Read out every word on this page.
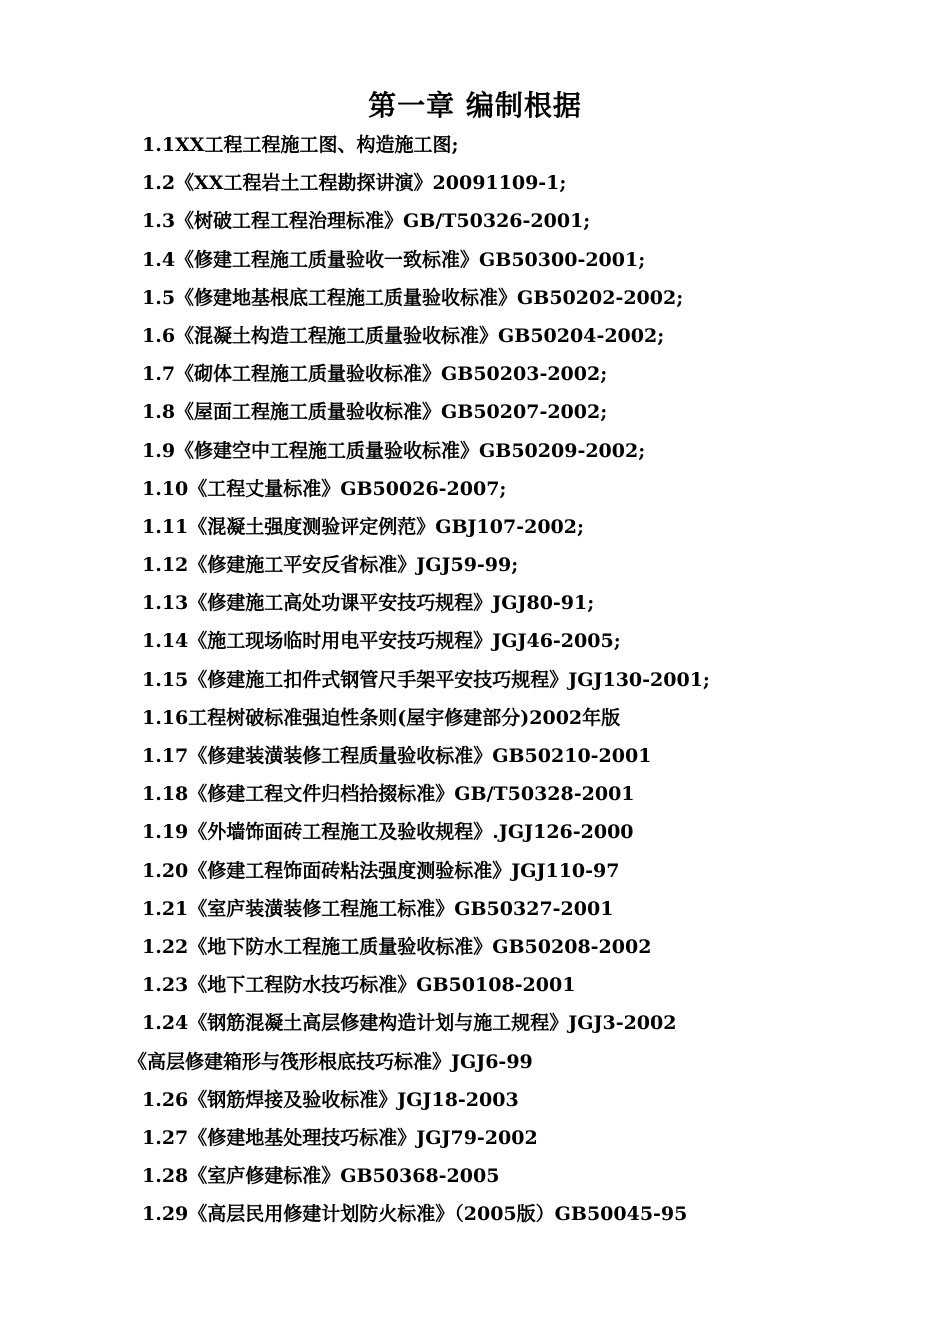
第一章 编制根据
1.1XX工程工程施工图、构造施工图;
1.2《XX工程岩土工程勘探讲演》20091109-1;
1.3《树破工程工程治理标准》GB/T50326-2001;
1.4《修建工程施工质量验收一致标准》GB50300-2001;
1.5《修建地基根底工程施工质量验收标准》GB50202-2002;
1.6《混凝土构造工程施工质量验收标准》GB50204-2002;
1.7《砌体工程施工质量验收标准》GB50203-2002;
1.8《屋面工程施工质量验收标准》GB50207-2002;
1.9《修建空中工程施工质量验收标准》GB50209-2002;
1.10《工程丈量标准》GB50026-2007;
1.11《混凝土强度测验评定例范》GBJ107-2002;
1.12《修建施工平安反省标准》JGJ59-99;
1.13《修建施工高处功课平安技巧规程》JGJ80-91;
1.14《施工现场临时用电平安技巧规程》JGJ46-2005;
1.15《修建施工扣件式钢管尺手架平安技巧规程》JGJ130-2001;
1.16工程树破标准强迫性条则(屋宇修建部分)2002年版
1.17《修建装潢装修工程质量验收标准》GB50210-2001
1.18《修建工程文件归档拾掇标准》GB/T50328-2001
1.19《外墙饰面砖工程施工及验收规程》.JGJ126-2000
1.20《修建工程饰面砖粘法强度测验标准》JGJ110-97
1.21《室庐装潢装修工程施工标准》GB50327-2001
1.22《地下防水工程施工质量验收标准》GB50208-2002
1.23《地下工程防水技巧标准》GB50108-2001
1.24《钢筋混凝土高层修建构造计划与施工规程》JGJ3-2002
《高层修建箱形与筏形根底技巧标准》JGJ6-99
1.26《钢筋焊接及验收标准》JGJ18-2003
1.27《修建地基处理技巧标准》JGJ79-2002
1.28《室庐修建标准》GB50368-2005
1.29《高层民用修建计划防火标准》（2005版）GB50045-95
